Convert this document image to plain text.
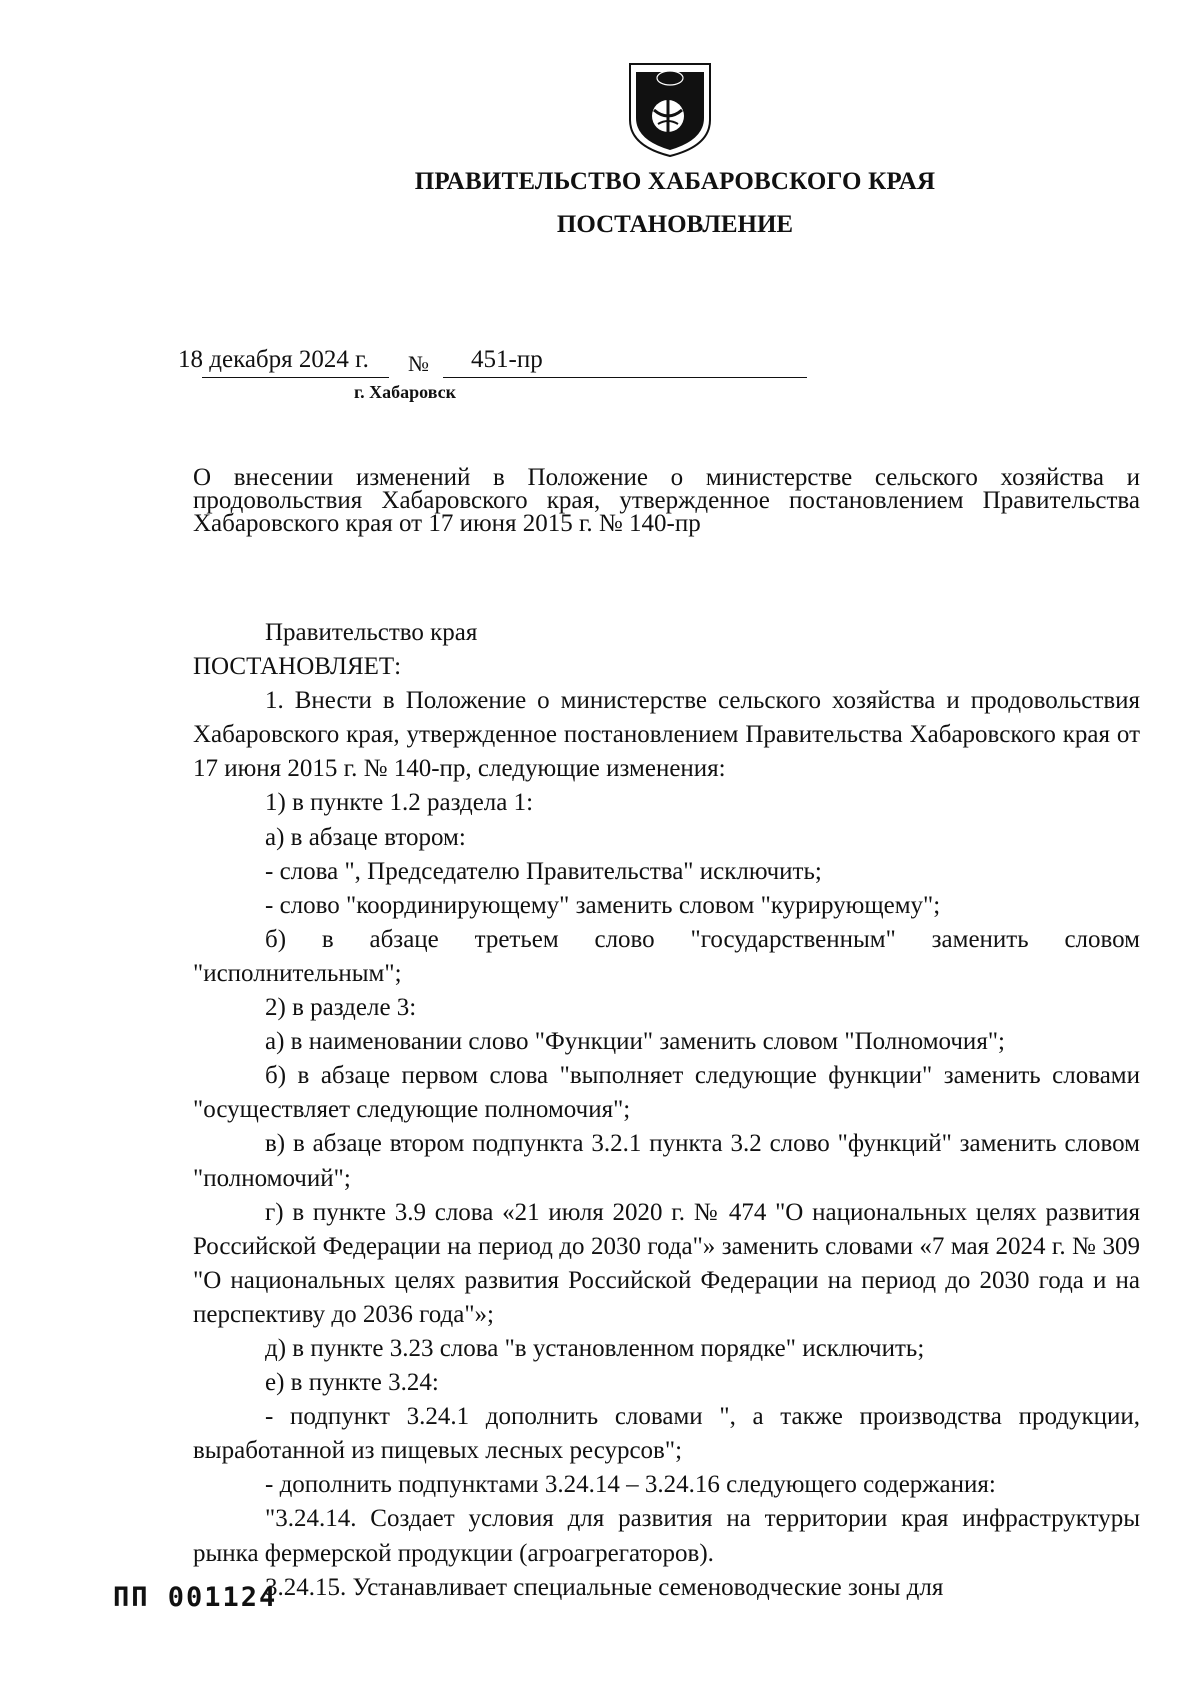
ПРАВИТЕЛЬСТВО ХАБАРОВСКОГО КРАЯ
ПОСТАНОВЛЕНИЕ
18 декабря 2024 г. № 451-пр
г. Хабаровск
О внесении изменений в Положение о министерстве сельского хозяйства и продовольствия Хабаровского края, утвержденное постановлением Правительства Хабаровского края от 17 июня 2015 г. № 140-пр

Правительство края

ПОСТАНОВЛЯЕТ:

1. Внести в Положение о министерстве сельского хозяйства и продовольствия Хабаровского края, утвержденное постановлением Правительства Хабаровского края от 17 июня 2015 г. № 140-пр, следующие изменения:

1) в пункте 1.2 раздела 1:

а) в абзаце втором:

- слова ", Председателю Правительства" исключить;

- слово "координирующему" заменить словом "курирующему";

б) в абзаце третьем слово "государственным" заменить словом "исполнительным";

2) в разделе 3:

а) в наименовании слово "Функции" заменить словом "Полномочия";

б) в абзаце первом слова "выполняет следующие функции" заменить словами "осуществляет следующие полномочия";

в) в абзаце втором подпункта 3.2.1 пункта 3.2 слово "функций" заменить словом "полномочий";

г) в пункте 3.9 слова «21 июля 2020 г. № 474 "О национальных целях развития Российской Федерации на период до 2030 года"» заменить словами «7 мая 2024 г. № 309 "О национальных целях развития Российской Федерации на период до 2030 года и на перспективу до 2036 года"»;

д) в пункте 3.23 слова "в установленном порядке" исключить;

е) в пункте 3.24:

- подпункт 3.24.1 дополнить словами ", а также производства продукции, выработанной из пищевых лесных ресурсов";

- дополнить подпунктами 3.24.14 – 3.24.16 следующего содержания:

"3.24.14. Создает условия для развития на территории края инфраструктуры рынка фермерской продукции (агроагрегаторов).

3.24.15. Устанавливает специальные семеноводческие зоны для

ПП 001124
